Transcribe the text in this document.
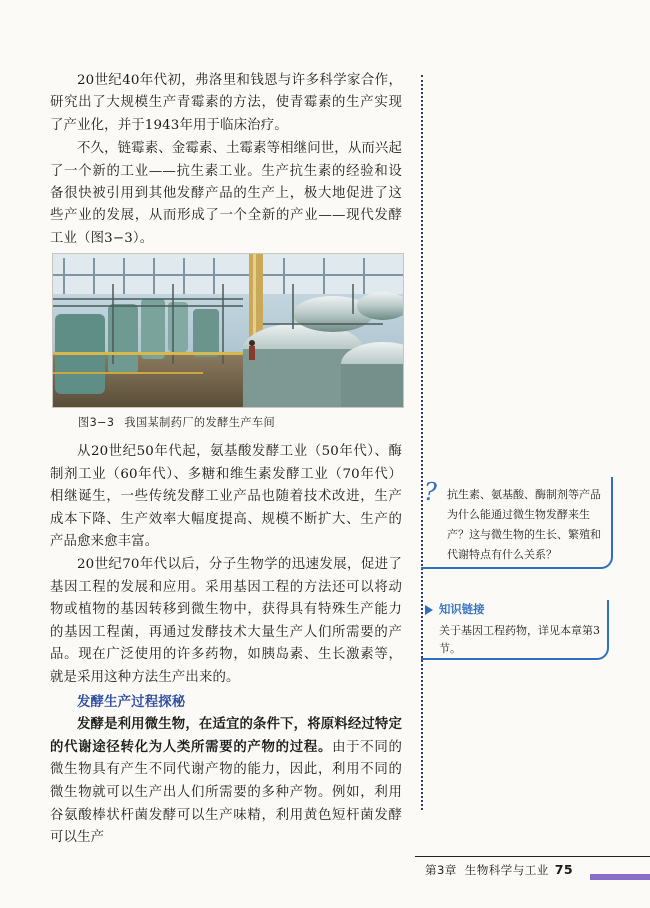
20世纪40年代初，弗洛里和钱恩与许多科学家合作，研究出了大规模生产青霉素的方法，使青霉素的生产实现了产业化，并于1943年用于临床治疗。

不久，链霉素、金霉素、土霉素等相继问世，从而兴起了一个新的工业——抗生素工业。生产抗生素的经验和设备很快被引用到其他发酵产品的生产上，极大地促进了这些产业的发展，从而形成了一个全新的产业——现代发酵工业（图3−3）。

图3−3 我国某制药厂的发酵生产车间

从20世纪50年代起，氨基酸发酵工业（50年代）、酶制剂工业（60年代）、多糖和维生素发酵工业（70年代）相继诞生，一些传统发酵工业产品也随着技术改进，生产成本下降、生产效率大幅度提高、规模不断扩大、生产的产品愈来愈丰富。

20世纪70年代以后，分子生物学的迅速发展，促进了基因工程的发展和应用。采用基因工程的方法还可以将动物或植物的基因转移到微生物中，获得具有特殊生产能力的基因工程菌，再通过发酵技术大量生产人们所需要的产品。现在广泛使用的许多药物，如胰岛素、生长激素等，就是采用这种方法生产出来的。

发酵生产过程探秘

发酵是利用微生物，在适宜的条件下，将原料经过特定的代谢途径转化为人类所需要的产物的过程。由于不同的微生物具有产生不同代谢产物的能力，因此，利用不同的微生物就可以生产出人们所需要的多种产物。例如，利用谷氨酸棒状杆菌发酵可以生产味精，利用黄色短杆菌发酵可以生产

? 抗生素、氨基酸、酶制剂等产品为什么能通过微生物发酵来生产？这与微生物的生长、繁殖和代谢特点有什么关系？
知识链接
关于基因工程药物，详见本章第3节。
第3章 生物科学与工业 75
